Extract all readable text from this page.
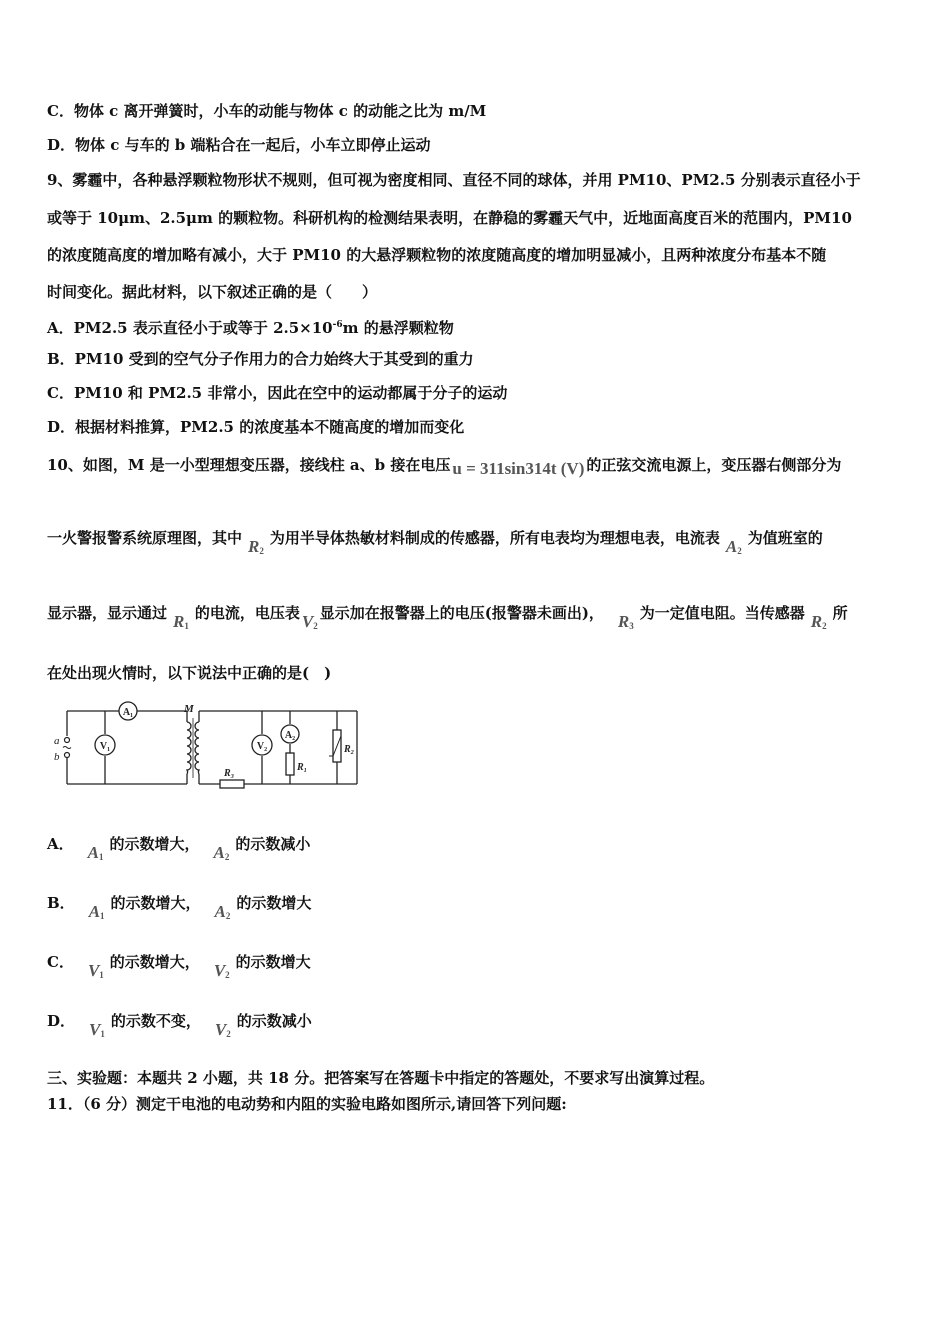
C．物体 c 离开弹簧时，小车的动能与物体 c 的动能之比为 m/M
D．物体 c 与车的 b 端粘合在一起后，小车立即停止运动
9、雾霾中，各种悬浮颗粒物形状不规则，但可视为密度相同、直径不同的球体，并用 PM10、PM2.5 分别表示直径小于
或等于 10μm、2.5μm 的颗粒物。科研机构的检测结果表明，在静稳的雾霾天气中，近地面高度百米的范围内，PM10
的浓度随高度的增加略有减小，大于 PM10 的大悬浮颗粒物的浓度随高度的增加明显减小，且两种浓度分布基本不随
时间变化。据此材料，以下叙述正确的是（　　）
A．PM2.5 表示直径小于或等于 $2.5\times 10^{-6}m$ 的悬浮颗粒物
B．PM10 受到的空气分子作用力的合力始终大于其受到的重力
C．PM10 和 PM2.5 非常小，因此在空中的运动都属于分子的运动
D．根据材料推算，PM2.5 的浓度基本不随高度的增加而变化
10、如图，M 是一小型理想变压器，接线柱 a、b 接在电压 u = 311sin314t (V) 的正弦交流电源上，变压器右侧部分为
一火警报警系统原理图，其中 $R_2$为用半导体热敏材料制成的传感器，所有电表均为理想电表，电流表 $A_2$为值班室的
显示器，显示通过 $R_1$的电流，电压表 $V_2$显示加在报警器上的电压(报警器未画出)， $R_3$为一定值电阻。当传感器 $R_2$所
在处出现火情时，以下说法中正确的是(　)
a
b
M
A₁
V₁	V₂
A₂
R₁
R₂
R₃
A． $A_1$的示数增大， $A_2$的示数减小
B． $A_1$的示数增大， $A_2$的示数增大
C． $V_1$的示数增大， $V_2$的示数增大
D． $V_1$的示数不变， $V_2$的示数减小
三、实验题：本题共 2 小题，共 18 分。把答案写在答题卡中指定的答题处，不要求写出演算过程。
11．（6 分）测定干电池的电动势和内阻的实验电路如图所示,请回答下列问题:
